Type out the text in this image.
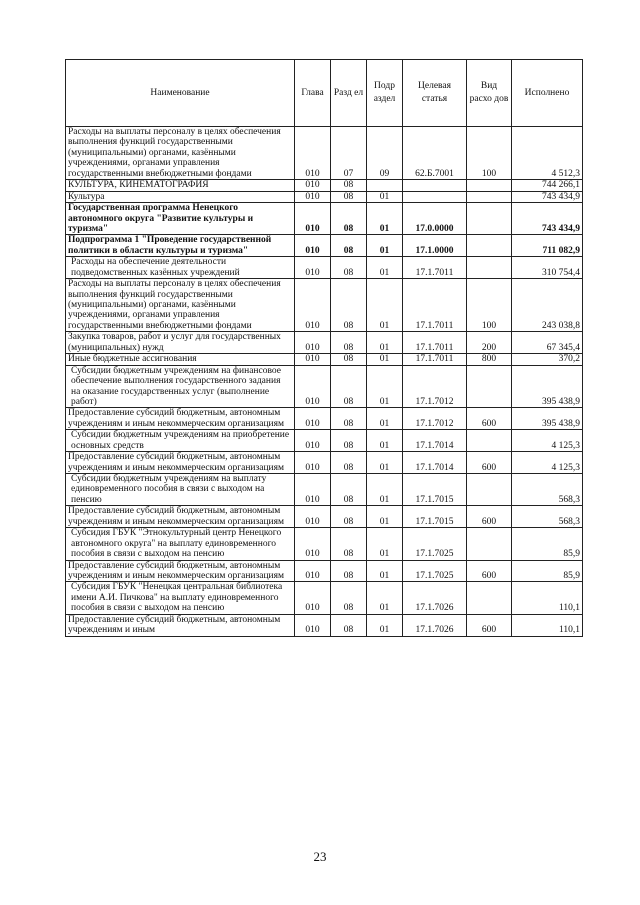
Наименование	Глава	Разд ел	Подр аздел	Целевая статья	Вид расхо дов	Исполнено
Расходы на выплаты персоналу в целях обеспечения выполнения функций государственными (муниципальными) органами, казёнными учреждениями, органами управления государственными внебюджетными фондами	010	07	09	62.Б.7001	100	4 512,3
КУЛЬТУРА, КИНЕМАТОГРАФИЯ	010	08				744 266,1
Культура	010	08	01			743 434,9
Государственная программа Ненецкого автономного округа "Развитие культуры и туризма"	010	08	01	17.0.0000		743 434,9
Подпрограмма 1 "Проведение государственной политики в области культуры и туризма"	010	08	01	17.1.0000		711 082,9
Расходы на обеспечение деятельности подведомственных казённых учреждений	010	08	01	17.1.7011		310 754,4
Расходы на выплаты персоналу в целях обеспечения выполнения функций государственными (муниципальными) органами, казёнными учреждениями, органами управления государственными внебюджетными фондами	010	08	01	17.1.7011	100	243 038,8
Закупка товаров, работ и услуг для государственных (муниципальных) нужд	010	08	01	17.1.7011	200	67 345,4
Иные бюджетные ассигнования	010	08	01	17.1.7011	800	370,2
Субсидии бюджетным учреждениям на финансовое обеспечение выполнения государственного задания на оказание государственных услуг (выполнение работ)	010	08	01	17.1.7012		395 438,9
Предоставление субсидий бюджетным, автономным учреждениям и иным некоммерческим организациям	010	08	01	17.1.7012	600	395 438,9
Субсидии бюджетным учреждениям на приобретение основных средств	010	08	01	17.1.7014		4 125,3
Предоставление субсидий бюджетным, автономным учреждениям и иным некоммерческим организациям	010	08	01	17.1.7014	600	4 125,3
Субсидии бюджетным учреждениям на выплату единовременного пособия в связи с выходом на пенсию	010	08	01	17.1.7015		568,3
Предоставление субсидий бюджетным, автономным учреждениям и иным некоммерческим организациям	010	08	01	17.1.7015	600	568,3
Субсидия ГБУК "Этнокультурный центр Ненецкого автономного округа" на выплату единовременного пособия в связи с выходом на пенсию	010	08	01	17.1.7025		85,9
Предоставление субсидий бюджетным, автономным учреждениям и иным некоммерческим организациям	010	08	01	17.1.7025	600	85,9
Субсидия ГБУК "Ненецкая центральная библиотека имени А.И. Пичкова" на выплату единовременного пособия в связи с выходом на пенсию	010	08	01	17.1.7026		110,1
Предоставление субсидий бюджетным, автономным учреждениям и иным	010	08	01	17.1.7026	600	110,1
23
